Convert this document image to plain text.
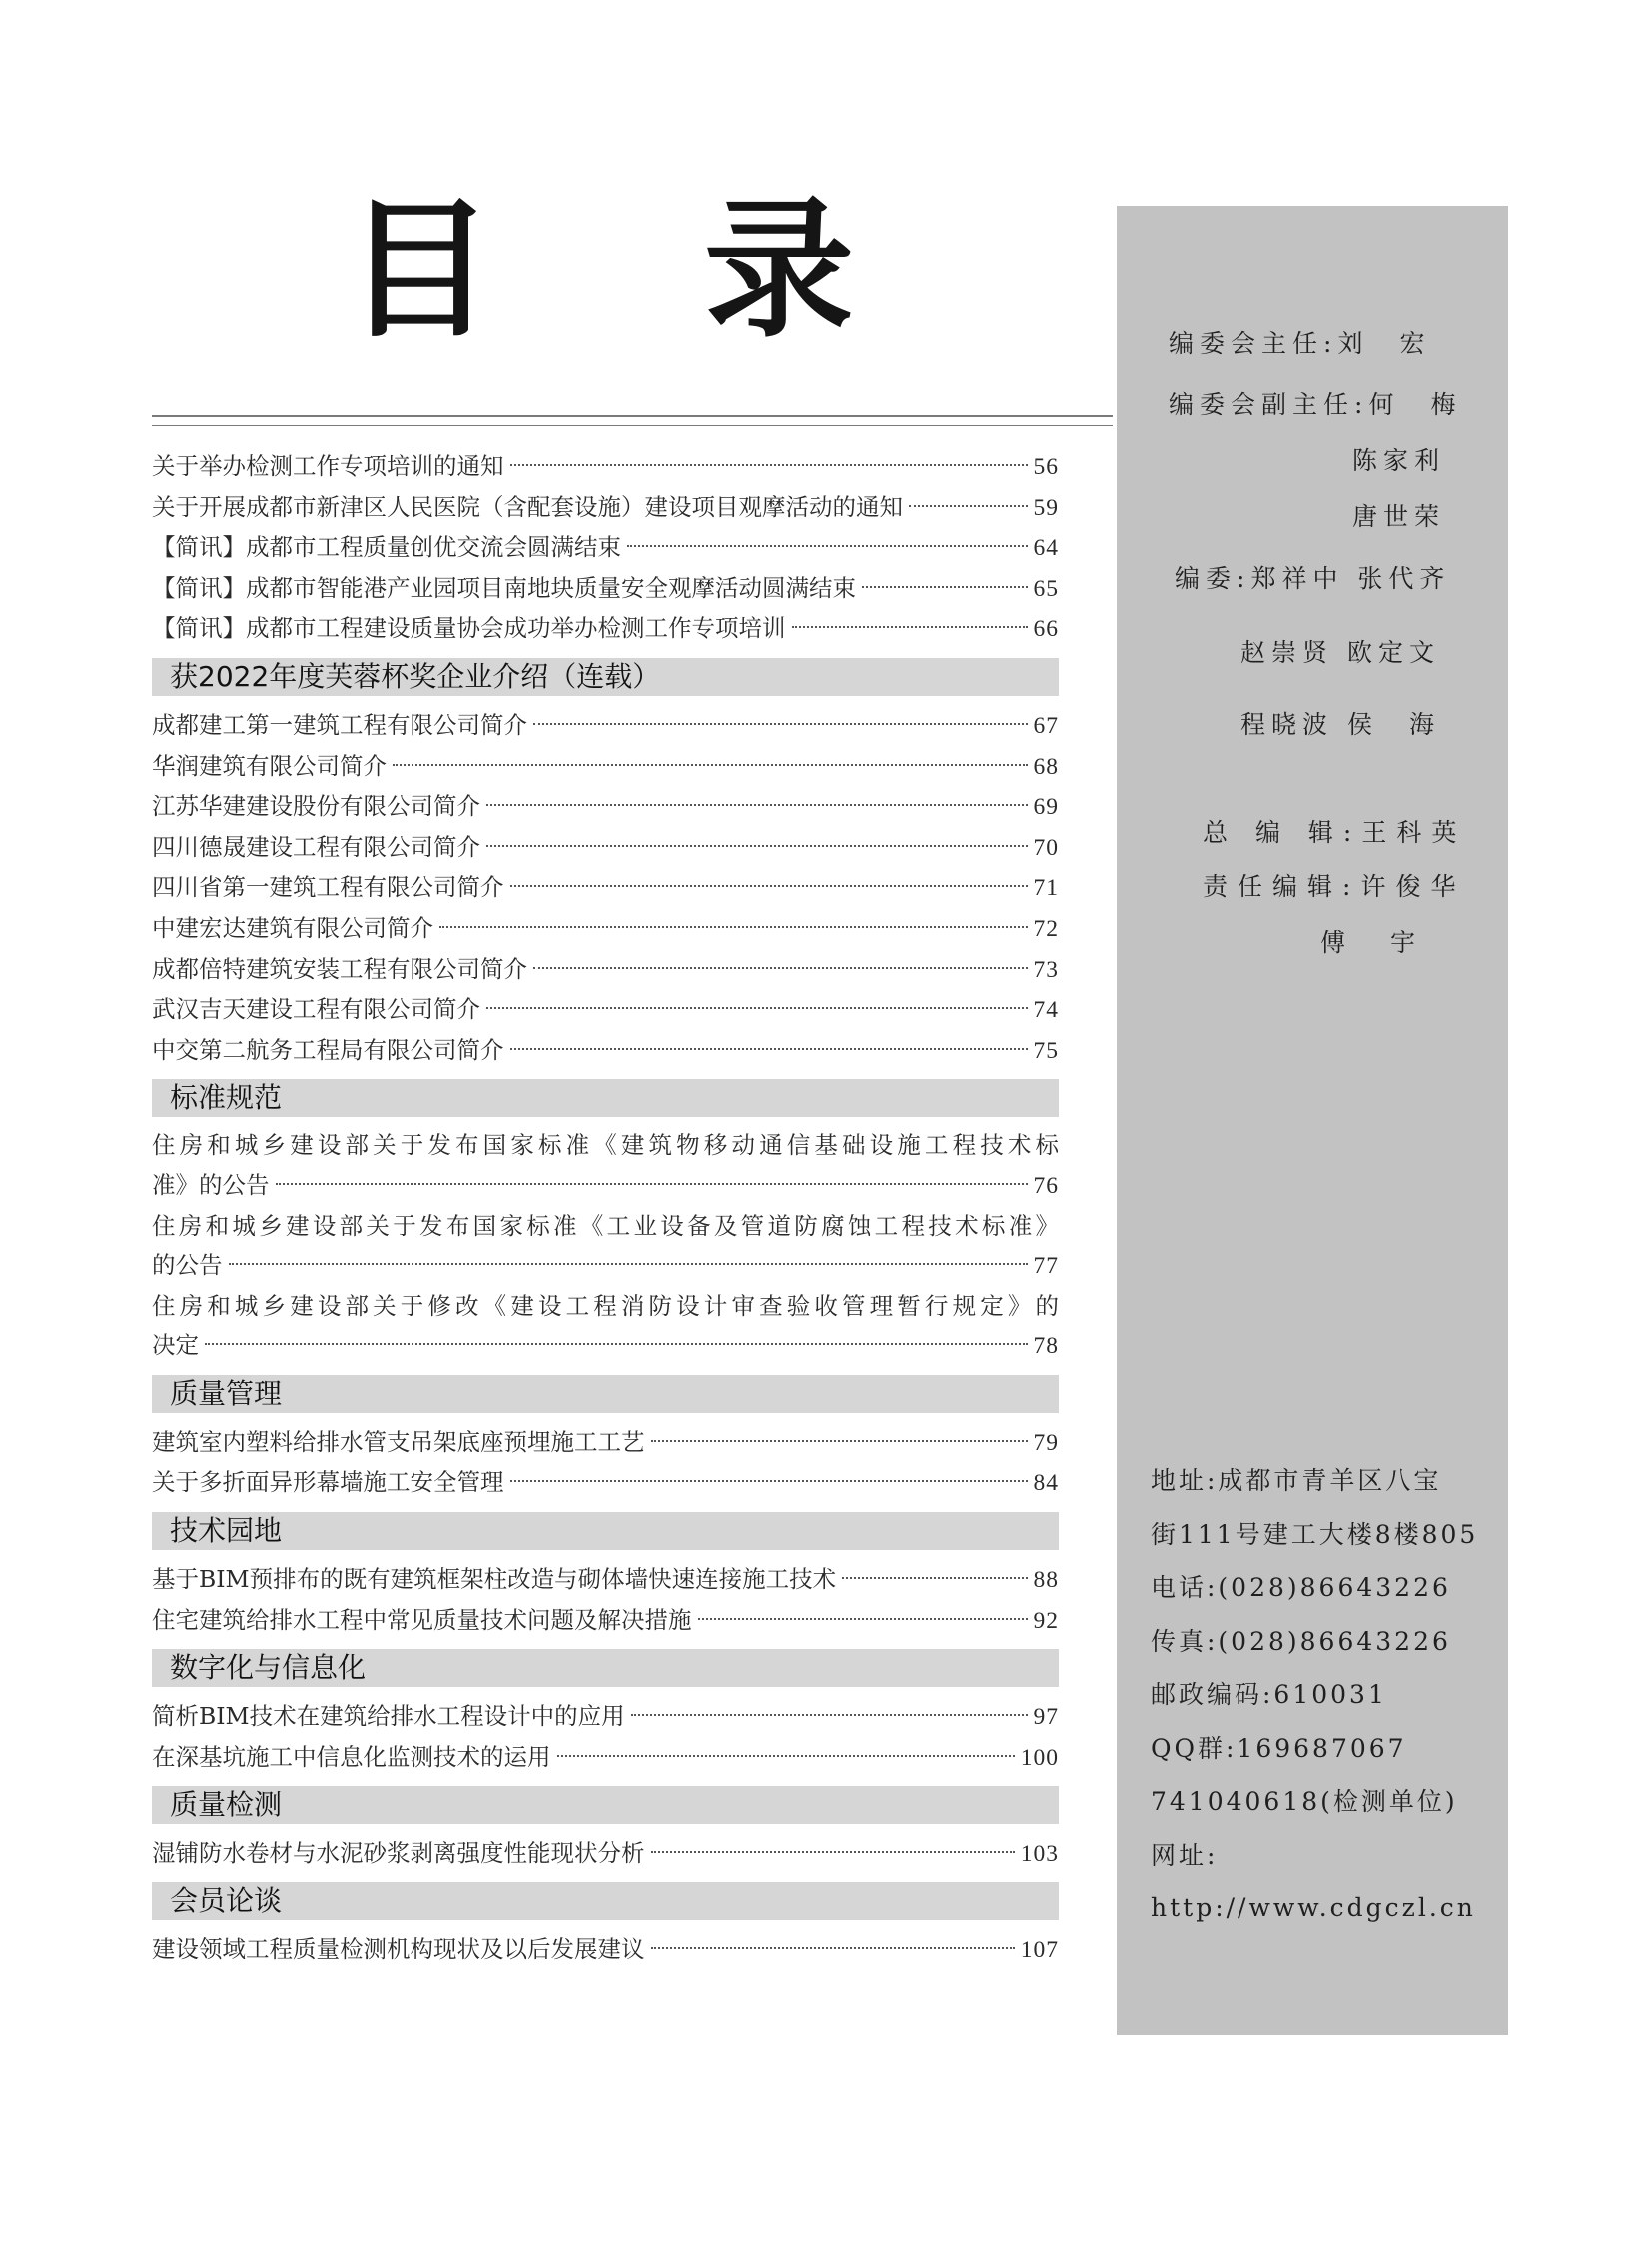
目 录
关于举办检测工作专项培训的通知	56
关于开展成都市新津区人民医院（含配套设施）建设项目观摩活动的通知	59
【简讯】成都市工程质量创优交流会圆满结束	64
【简讯】成都市智能港产业园项目南地块质量安全观摩活动圆满结束	65
【简讯】成都市工程建设质量协会成功举办检测工作专项培训	66
获2022年度芙蓉杯奖企业介绍（连载）
成都建工第一建筑工程有限公司简介	67
华润建筑有限公司简介	68
江苏华建建设股份有限公司简介	69
四川德晟建设工程有限公司简介	70
四川省第一建筑工程有限公司简介	71
中建宏达建筑有限公司简介	72
成都倍特建筑安装工程有限公司简介	73
武汉吉天建设工程有限公司简介	74
中交第二航务工程局有限公司简介	75
标准规范
住房和城乡建设部关于发布国家标准《建筑物移动通信基础设施工程技术标
准》的公告	76
住房和城乡建设部关于发布国家标准《工业设备及管道防腐蚀工程技术标准》
的公告	77
住房和城乡建设部关于修改《建设工程消防设计审查验收管理暂行规定》的
决定	78
质量管理
建筑室内塑料给排水管支吊架底座预埋施工工艺	79
关于多折面异形幕墙施工安全管理	84
技术园地
基于BIM预排布的既有建筑框架柱改造与砌体墙快速连接施工技术	88
住宅建筑给排水工程中常见质量技术问题及解决措施	92
数字化与信息化
简析BIM技术在建筑给排水工程设计中的应用	97
在深基坑施工中信息化监测技术的运用	100
质量检测
湿铺防水卷材与水泥砂浆剥离强度性能现状分析	103
会员论谈
建设领域工程质量检测机构现状及以后发展建议	107
编委会主任:刘　宏
编委会副主任:何　梅
陈家利
唐世荣
编委:郑祥中 张代齐
赵崇贤 欧定文
程晓波 侯　海
总 编 辑:王科英
责任编辑:许俊华
傅　宇
地址:成都市青羊区八宝
街111号建工大楼8楼805
电话:(028)86643226
传真:(028)86643226
邮政编码:610031
QQ群:169687067
741040618(检测单位)
网址:
http://www.cdgczl.cn
